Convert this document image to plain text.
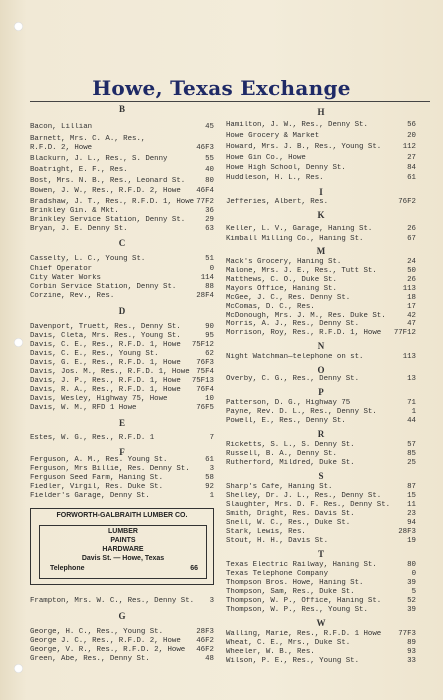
Howe, Texas Exchange
B
Bacon, Lillian	45
Barnett, Mrs. C. A., Res.,
R.F.D. 2, Howe	46F3
Blackurn, J. L., Res., S. Denny	55
Boatright, E. F., Res.	40
Bost, Mrs. N. B., Res., Leonard St.	80
Bowen, J. W., Res., R.F.D. 2, Howe 46F4
Bradshaw, J. T., Res., R.F.D. 1, Howe 77F2
Brinkley Gin. & Mkt.	36
Brinkley Service Station, Denny St.	29
Bryan, J. E. Denny St.	63
C
Casselty, L. C., Young St.	51
Chief Operator	0
City Water Works	114
Corbin Service Station, Denny St.	88
Corzine, Rev., Res.	28F4
D
Davenport, Truett, Res., Denny St.	90
Davis, Cleta, Mrs. Res., Young St.	95
Davis, C. E., Res., R.F.D. 1, Howe 75F12
Davis, C. E., Res., Young St.	62
Davis, G. E., Res., R.F.D. 1, Howe 76F3
Davis, Jos. M., Res., R.F.D. 1, Howe 75F4
Davis, J. P., Res., R.F.D. 1, Howe 75F13
Davis, R. A., Res., R.F.D. 1, Howe 76F4
Davis, Wesley, Highway 75, Howe	10
Davis, W. M., RFD 1 Howe	76F5
E
Estes, W. G., Res., R.F.D. 1	7
F
Ferguson, A. M., Res. Young St.	61
Ferguson, Mrs Billie, Res. Denny St.	3
Ferguson Seed Farm, Haning St.	58
Fiedler, Virgil, Res. Duke St.	92
Fielder's Garage, Denny St.	1
Frampton, Mrs. W. C., Res., Denny St. 3
G
George, H. C., Res., Young St.	28F3
George J. C., Res., R.F.D. 2, Howe 46F2
George, V. R., Res., R.F.D. 2, Howe 46F2
Green, Abe, Res., Denny St.	48
H
Hamilton, J. W., Res., Denny St.	56
Howe Grocery & Market	20
Howard, Mrs. J. B., Res., Young St.	112
Howe Gin Co., Howe	27
Howe High School, Denny St.	84
Huddleson, H. L., Res.	61
I
Jefferies, Albert, Res.	76F2
K
Keller, L. V., Garage, Haning St.	26
Kimball Milling Co., Haning St.	67
M
Mack's Grocery, Haning St.	24
Malone, Mrs. J. E., Res., Tutt St.	50
Matthews, C. O., Duke St.	26
Mayors Office, Haning St.	113
McGee, J. C., Res. Denny St.	18
McComas, D. C., Res.	17
McDonough, Mrs. J. M., Res. Duke St.	42
Morris, A. J., Res., Denny St.	47
Morrison, Roy, Res., R.F.D. 1, Howe 77F12
N
Night Watchman—telephone on st.	113
O
Overby, C. G., Res., Denny St.	13
P
Patterson, D. G., Highway 75	71
Payne, Rev. D. L., Res., Denny St.	1
Powell, E., Res., Denny St.	44
R
Ricketts, S. L., S. Denny St.	57
Russell, B. A., Denny St.	85
Rutherford, Mildred, Duke St.	25
S
Sharp's Cafe, Haning St.	87
Shelley, Dr. J. L., Res., Denny St.	15
Slaughter, Mrs. D. F. Res., Denny St. 11
Smith, Dright, Res. Davis St.	23
Snell, W. C., Res., Duke St.	94
Stark, Lewis, Res.	28F3
Stout, H. H., Davis St.	19
T
Texas Electric Railway, Haning St.	80
Texas Telephone Company	0
Thompson Bros. Howe, Haning St.	39
Thompson, Sam, Res., Duke St.	5
Thompson, W. P., Office, Haning St.	52
Thompson, W. P., Res., Young St.	39
W
Walling, Marie, Res., R.F.D. 1 Howe 77F3
Wheat, C. E., Mrs., Duke St.	89
Wheeler, W. B., Res.	93
Wilson, P. E., Res., Young St.	33
FORWORTH-GALBRAITH LUMBER CO.
LUMBER
PAINTS
HARDWARE
Davis St. — Howe, Texas
Telephone	66
